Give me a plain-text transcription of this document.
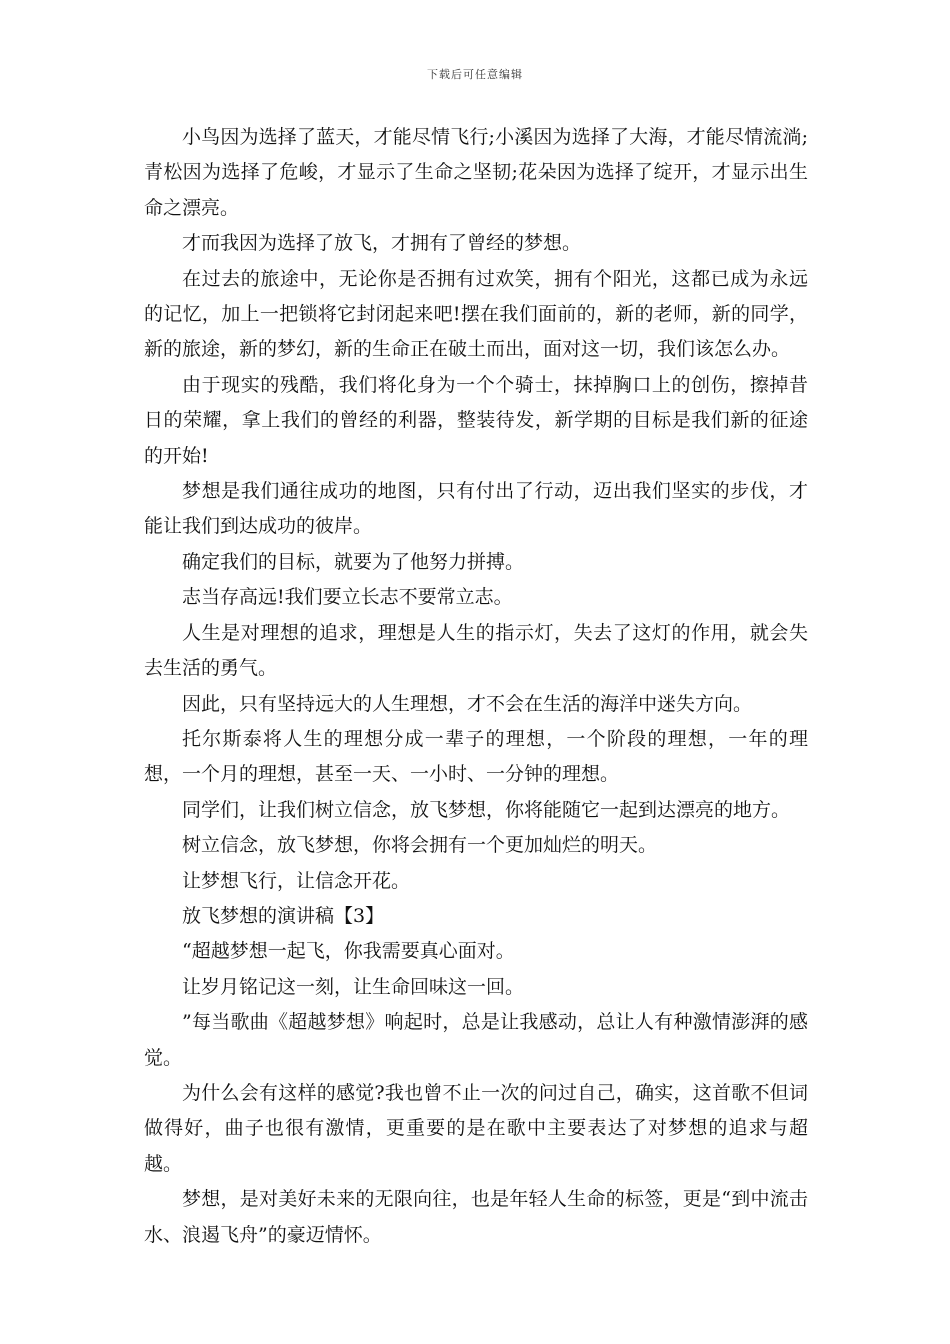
下载后可任意编辑

小鸟因为选择了蓝天，才能尽情飞行;小溪因为选择了大海，才能尽情流淌;青松因为选择了危峻，才显示了生命之坚韧;花朵因为选择了绽开，才显示出生命之漂亮。

才而我因为选择了放飞，才拥有了曾经的梦想。

在过去的旅途中，无论你是否拥有过欢笑，拥有个阳光，这都已成为永远的记忆，加上一把锁将它封闭起来吧!摆在我们面前的，新的老师，新的同学，新的旅途，新的梦幻，新的生命正在破土而出，面对这一切，我们该怎么办。

由于现实的残酷，我们将化身为一个个骑士，抹掉胸口上的创伤，擦掉昔日的荣耀，拿上我们的曾经的利器，整装待发，新学期的目标是我们新的征途的开始!

梦想是我们通往成功的地图，只有付出了行动，迈出我们坚实的步伐，才能让我们到达成功的彼岸。

确定我们的目标，就要为了他努力拼搏。

志当存高远!我们要立长志不要常立志。

人生是对理想的追求，理想是人生的指示灯，失去了这灯的作用，就会失去生活的勇气。

因此，只有坚持远大的人生理想，才不会在生活的海洋中迷失方向。

托尔斯泰将人生的理想分成一辈子的理想，一个阶段的理想，一年的理想，一个月的理想，甚至一天、一小时、一分钟的理想。

同学们，让我们树立信念，放飞梦想，你将能随它一起到达漂亮的地方。

树立信念，放飞梦想，你将会拥有一个更加灿烂的明天。

让梦想飞行，让信念开花。

放飞梦想的演讲稿【3】

“超越梦想一起飞，你我需要真心面对。

让岁月铭记这一刻，让生命回味这一回。

”每当歌曲《超越梦想》响起时，总是让我感动，总让人有种激情澎湃的感觉。

为什么会有这样的感觉?我也曾不止一次的问过自己，确实，这首歌不但词做得好，曲子也很有激情，更重要的是在歌中主要表达了对梦想的追求与超越。

梦想，是对美好未来的无限向往，也是年轻人生命的标签，更是“到中流击水、浪遏飞舟”的豪迈情怀。
